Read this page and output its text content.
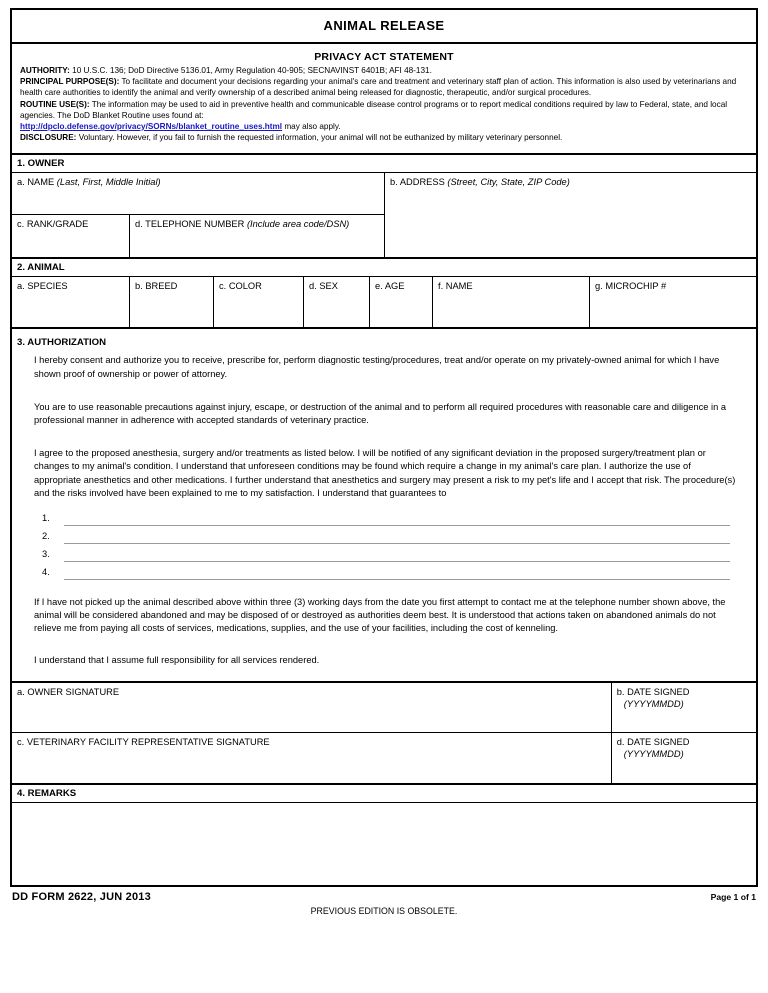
ANIMAL RELEASE
PRIVACY ACT STATEMENT
AUTHORITY: 10 U.S.C. 136; DoD Directive 5136.01, Army Regulation 40-905; SECNAVINST 6401B; AFI 48-131.
PRINCIPAL PURPOSE(S): To facilitate and document your decisions regarding your animal's care and treatment and veterinary staff plan of action. This information is also used by veterinarians and health care authorities to identify the animal and verify ownership of a described animal being released for diagnostic, therapeutic, and/or surgical procedures.
ROUTINE USE(S): The information may be used to aid in preventive health and communicable disease control programs or to report medical conditions required by law to Federal, state, and local agencies. The DoD Blanket Routine uses found at:
http://dpclo.defense.gov/privacy/SORNs/blanket_routine_uses.html may also apply.
DISCLOSURE: Voluntary. However, if you fail to furnish the requested information, your animal will not be euthanized by military veterinary personnel.
1. OWNER
a. NAME (Last, First, Middle Initial)
c. RANK/GRADE	d. TELEPHONE NUMBER (Include area code/DSN)
b. ADDRESS (Street, City, State, ZIP Code)
2. ANIMAL
a. SPECIES	b. BREED	c. COLOR	d. SEX	e. AGE	f. NAME	g. MICROCHIP #
3. AUTHORIZATION

I hereby consent and authorize you to receive, prescribe for, perform diagnostic testing/procedures, treat and/or operate on my privately-owned animal for which I have shown proof of ownership or power of attorney.

You are to use reasonable precautions against injury, escape, or destruction of the animal and to perform all required procedures with reasonable care and diligence in a professional manner in adherence with accepted standards of veterinary practice.

I agree to the proposed anesthesia, surgery and/or treatments as listed below. I will be notified of any significant deviation in the proposed surgery/treatment plan or changes to my animal's condition. I understand that unforeseen conditions may be found which require a change in my animal's care plan. I authorize the use of appropriate anesthetics and other medications. I further understand that anesthetics and surgery may present a risk to my pet's life and I accept that risk. The procedure(s) and the risks involved have been explained to me to my satisfaction. I understand that guarantees to

1.
2.
3.
4.

If I have not picked up the animal described above within three (3) working days from the date you first attempt to contact me at the telephone number shown above, the animal will be considered abandoned and may be disposed of or destroyed as authorities deem best. It is understood that actions taken on abandoned animals do not relieve me from paying all costs of services, medications, supplies, and the use of your facilities, including the cost of kenneling.

I understand that I assume full responsibility for all services rendered.

a. OWNER SIGNATURE	b. DATE SIGNED
(YYYYMMDD)
c. VETERINARY FACILITY REPRESENTATIVE SIGNATURE	d. DATE SIGNED
(YYYYMMDD)
4. REMARKS
DD FORM 2622, JUN 2013	Page 1 of 1
PREVIOUS EDITION IS OBSOLETE.
